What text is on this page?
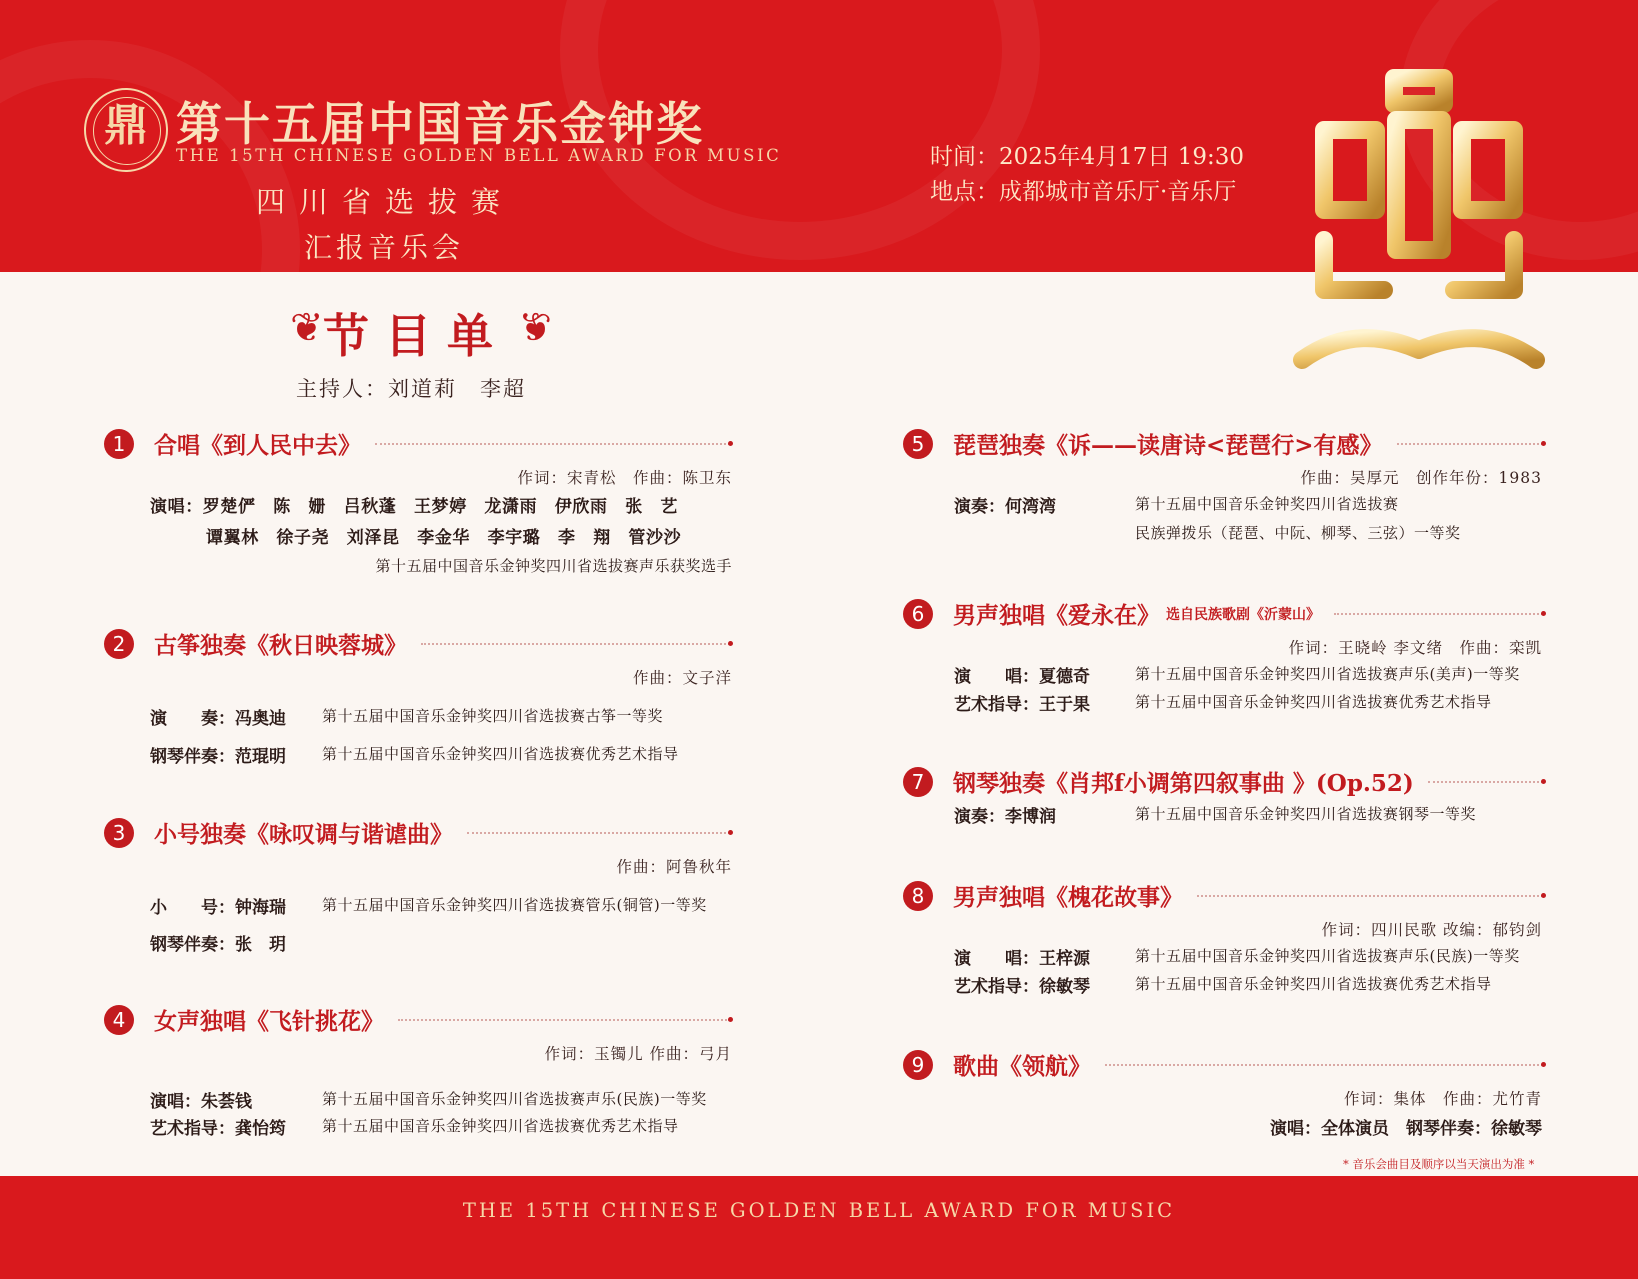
鼎 第十五届中国音乐金钟奖
THE 15TH CHINESE GOLDEN BELL AWARD FOR MUSIC
四川省选拔赛
汇报音乐会
时间：2025年4月17日 19:30
地点：成都城市音乐厅·音乐厅
❦ 节目单 ❦
主持人：刘道莉　李超
1	合唱《到人民中去》
作词：宋青松　作曲：陈卫东
演唱：罗楚俨　陈　姗　吕秋蓬　王梦婷　龙潇雨　伊欣雨　张　艺
谭翼林　徐子尧　刘泽昆　李金华　李宇璐　李　翔　管沙沙
第十五届中国音乐金钟奖四川省选拔赛声乐获奖选手
2	古筝独奏《秋日映蓉城》
作曲：文子洋
演　　奏：冯奥迪 第十五届中国音乐金钟奖四川省选拔赛古筝一等奖
钢琴伴奏：范琨明 第十五届中国音乐金钟奖四川省选拔赛优秀艺术指导
3	小号独奏《咏叹调与谐谑曲》
作曲：阿鲁秋年
小　　号：钟海瑞 第十五届中国音乐金钟奖四川省选拔赛管乐(铜管)一等奖
钢琴伴奏：张　玥
4	女声独唱《飞针挑花》
作词：玉镯儿 作曲：弓月
演唱：朱荟钱	第十五届中国音乐金钟奖四川省选拔赛声乐(民族)一等奖
艺术指导：龚怡筠 第十五届中国音乐金钟奖四川省选拔赛优秀艺术指导
5	琵琶独奏《诉——读唐诗<琵琶行>有感》
作曲：吴厚元　创作年份：1983
演奏：何湾湾	第十五届中国音乐金钟奖四川省选拔赛
民族弹拨乐（琵琶、中阮、柳琴、三弦）一等奖
6	男声独唱《爱永在》 选自民族歌剧《沂蒙山》
作词：王晓岭 李文绪　作曲：栾凯
演　　唱：夏德奇	第十五届中国音乐金钟奖四川省选拔赛声乐(美声)一等奖
艺术指导：王于果	第十五届中国音乐金钟奖四川省选拔赛优秀艺术指导
7	钢琴独奏《肖邦f小调第四叙事曲 》(Op.52)
演奏：李博润	第十五届中国音乐金钟奖四川省选拔赛钢琴一等奖
8	男声独唱《槐花故事》
作词：四川民歌 改编：郁钧剑
演　　唱：王梓源	第十五届中国音乐金钟奖四川省选拔赛声乐(民族)一等奖
艺术指导：徐敏琴	第十五届中国音乐金钟奖四川省选拔赛优秀艺术指导
9	歌曲《领航》
作词：集体　作曲：尤竹青
演唱：全体演员　钢琴伴奏：徐敏琴
* 音乐会曲目及顺序以当天演出为准 *
THE 15TH CHINESE GOLDEN BELL AWARD FOR MUSIC
